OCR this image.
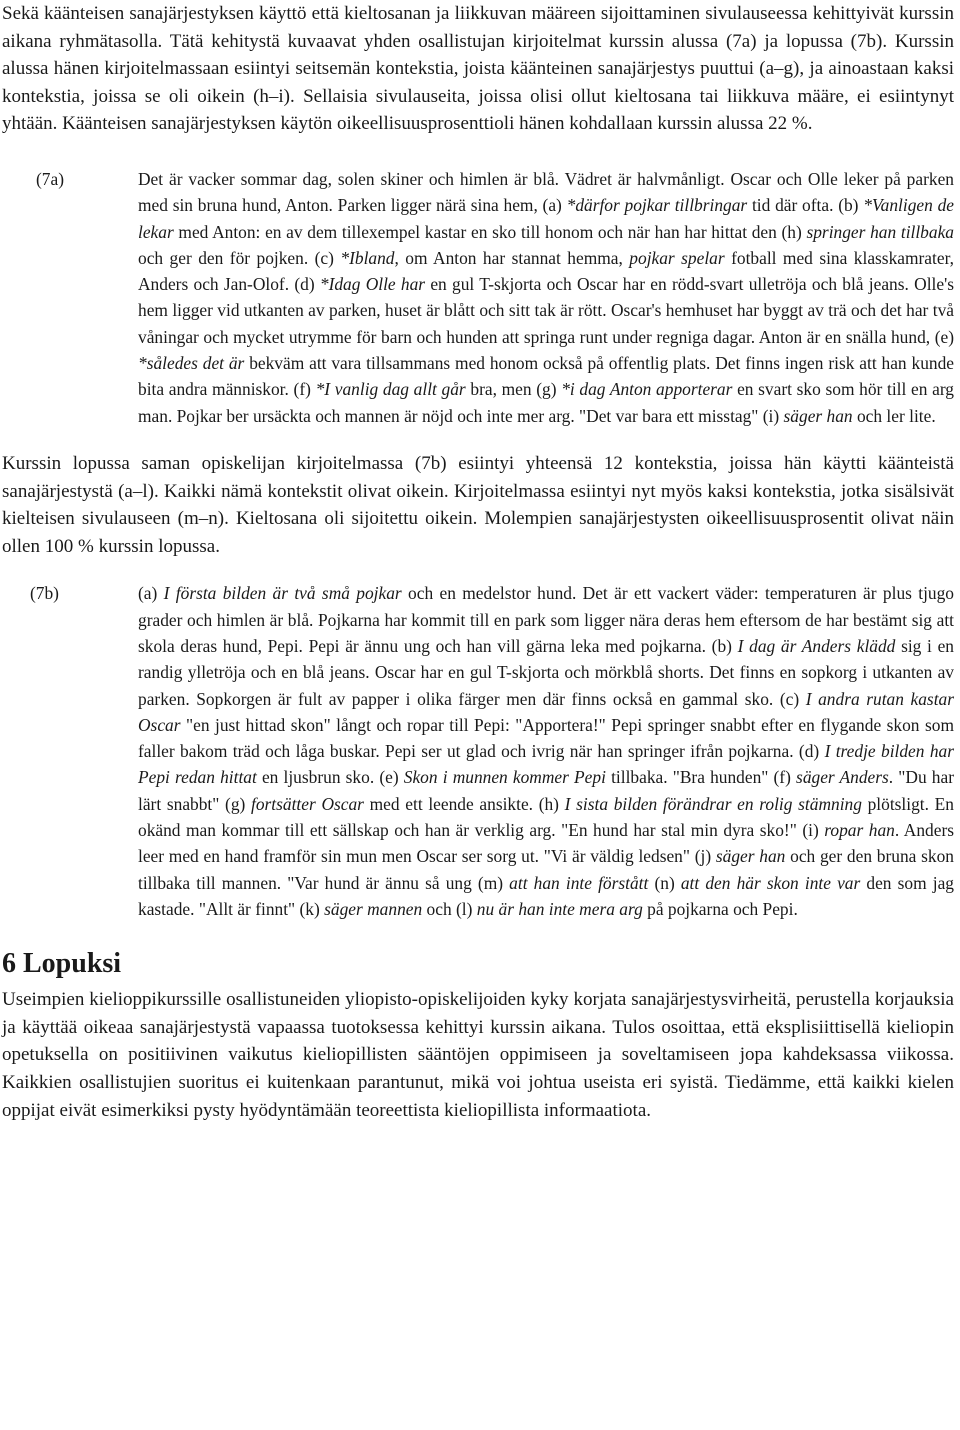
Sekä käänteisen sanajärjestyksen käyttö että kieltosanan ja liikkuvan määreen sijoittaminen sivulauseessa kehittyivät kurssin aikana ryhmätasolla. Tätä kehitystä kuvaavat yhden osallistujan kirjoitelmat kurssin alussa (7a) ja lopussa (7b). Kurssin alussa hänen kirjoitelmassaan esiintyi seitsemän kontekstia, joista käänteinen sanajärjestys puuttui (a–g), ja ainoastaan kaksi kontekstia, joissa se oli oikein (h–i). Sellaisia sivulauseita, joissa olisi ollut kieltosana tai liikkuva määre, ei esiintynyt yhtään. Käänteisen sanajärjestyksen käytön oikeellisuusprosenttioli hänen kohdallaan kurssin alussa 22 %.

(7a)	Det är vacker sommar dag, solen skiner och himlen är blå. Vädret är halvmånligt. Oscar och Olle leker på parken med sin bruna hund, Anton. Parken ligger närä sina hem, (a) *därfor pojkar tillbringar tid där ofta. (b) *Vanligen de lekar med Anton: en av dem tillexempel kastar en sko till honom och när han har hittat den (h) springer han tillbaka och ger den för pojken. (c) *Ibland, om Anton har stannat hemma, pojkar spelar fotball med sina klasskamrater, Anders och Jan-Olof. (d) *Idag Olle har en gul T-skjorta och Oscar har en rödd-svart ulletröja och blå jeans. Olle's hem ligger vid utkanten av parken, huset är blått och sitt tak är rött. Oscar's hemhuset har byggt av trä och det har två våningar och mycket utrymme för barn och hunden att springa runt under regniga dagar. Anton är en snälla hund, (e) *således det är bekväm att vara tillsammans med honom också på offentlig plats. Det finns ingen risk att han kunde bita andra människor. (f) *I vanlig dag allt går bra, men (g) *i dag Anton apporterar en svart sko som hör till en arg man. Pojkar ber ursäckta och mannen är nöjd och inte mer arg. "Det var bara ett misstag" (i) säger han och ler lite.

Kurssin lopussa saman opiskelijan kirjoitelmassa (7b) esiintyi yhteensä 12 kontekstia, joissa hän käytti käänteistä sanajärjestystä (a–l). Kaikki nämä kontekstit olivat oikein. Kirjoitelmassa esiintyi nyt myös kaksi kontekstia, jotka sisälsivät kielteisen sivulauseen (m–n). Kieltosana oli sijoitettu oikein. Molempien sanajärjestysten oikeellisuusprosentit olivat näin ollen 100 % kurssin lopussa.

(7b)	(a) I första bilden är två små pojkar och en medelstor hund. Det är ett vackert väder: temperaturen är plus tjugo grader och himlen är blå. Pojkarna har kommit till en park som ligger nära deras hem eftersom de har bestämt sig att skola deras hund, Pepi. Pepi är ännu ung och han vill gärna leka med pojkarna. (b) I dag är Anders klädd sig i en randig ylletröja och en blå jeans. Oscar har en gul T-skjorta och mörkblå shorts. Det finns en sopkorg i utkanten av parken. Sopkorgen är fult av papper i olika färger men där finns också en gammal sko. (c) I andra rutan kastar Oscar "en just hittad skon" långt och ropar till Pepi: "Apportera!" Pepi springer snabbt efter en flygande skon som faller bakom träd och låga buskar. Pepi ser ut glad och ivrig när han springer ifrån pojkarna. (d) I tredje bilden har Pepi redan hittat en ljusbrun sko. (e) Skon i munnen kommer Pepi tillbaka. "Bra hunden" (f) säger Anders. "Du har lärt snabbt" (g) fortsätter Oscar med ett leende ansikte. (h) I sista bilden förändrar en rolig stämning plötsligt. En okänd man kommar till ett sällskap och han är verklig arg. "En hund har stal min dyra sko!" (i) ropar han. Anders leer med en hand framför sin mun men Oscar ser sorg ut. "Vi är väldig ledsen" (j) säger han och ger den bruna skon tillbaka till mannen. "Var hund är ännu så ung (m) att han inte förstått (n) att den här skon inte var den som jag kastade. "Allt är finnt" (k) säger mannen och (l) nu är han inte mera arg på pojkarna och Pepi.

6 Lopuksi

Useimpien kielioppikurssille osallistuneiden yliopisto-opiskelijoiden kyky korjata sanajärjestysvirheitä, perustella korjauksia ja käyttää oikeaa sanajärjestystä vapaassa tuotoksessa kehittyi kurssin aikana. Tulos osoittaa, että eksplisiittisellä kieliopin opetuksella on positiivinen vaikutus kieliopillisten sääntöjen oppimiseen ja soveltamiseen jopa kahdeksassa viikossa. Kaikkien osallistujien suoritus ei kuitenkaan parantunut, mikä voi johtua useista eri syistä. Tiedämme, että kaikki kielen oppijat eivät esimerkiksi pysty hyödyntämään teoreettista kieliopillista informaatiota.
